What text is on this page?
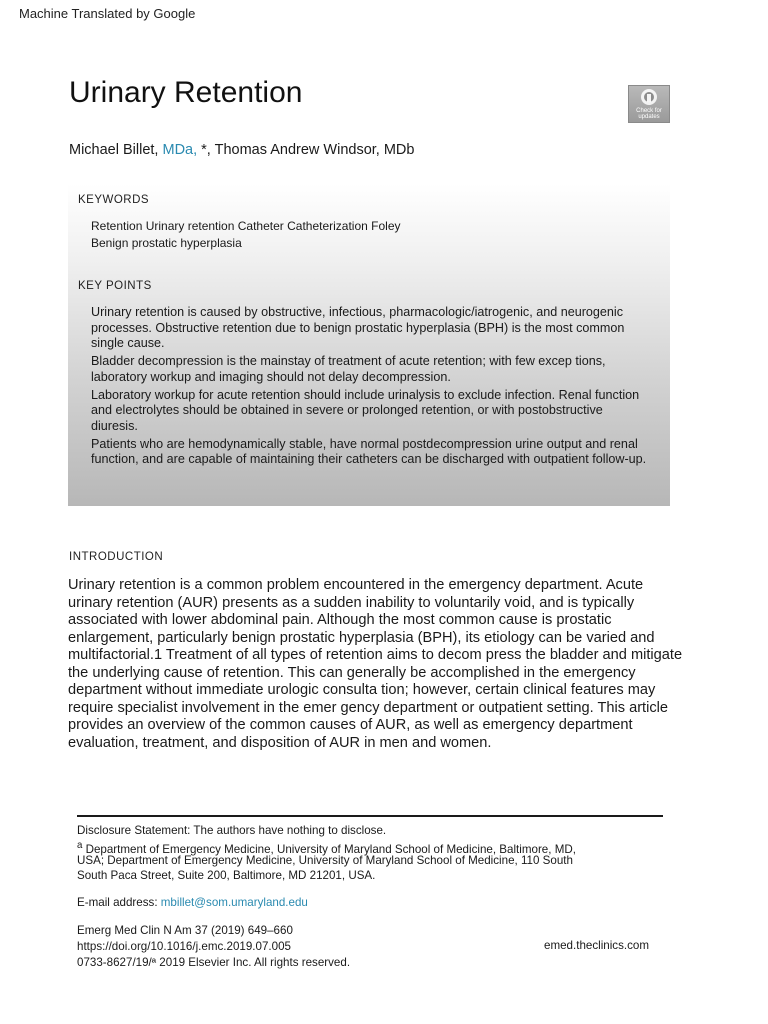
Machine Translated by Google
Urinary Retention
Check for
updates
Michael Billet, MDa, *, Thomas Andrew Windsor, MDb
KEYWORDS
Retention Urinary retention Catheter Catheterization Foley
Benign prostatic hyperplasia
KEY POINTS
Urinary retention is caused by obstructive, infectious, pharmacologic/iatrogenic, and neurogenic processes. Obstructive retention due to benign prostatic hyperplasia (BPH) is the most common single cause.
Bladder decompression is the mainstay of treatment of acute retention; with few excep tions, laboratory workup and imaging should not delay decompression.
Laboratory workup for acute retention should include urinalysis to exclude infection. Renal function and electrolytes should be obtained in severe or prolonged retention, or with postobstructive diuresis.
Patients who are hemodynamically stable, have normal postdecompression urine output and renal function, and are capable of maintaining their catheters can be discharged with outpatient follow-up.
INTRODUCTION

Urinary retention is a common problem encountered in the emergency department. Acute urinary retention (AUR) presents as a sudden inability to voluntarily void, and is typically associated with lower abdominal pain. Although the most common cause is prostatic enlargement, particularly benign prostatic hyperplasia (BPH), its etiology can be varied and multifactorial.1 Treatment of all types of retention aims to decom press the bladder and mitigate the underlying cause of retention. This can generally be accomplished in the emergency department without immediate urologic consulta tion; however, certain clinical features may require specialist involvement in the emer gency department or outpatient setting. This article provides an overview of the common causes of AUR, as well as emergency department evaluation, treatment, and disposition of AUR in men and women.

Disclosure Statement: The authors have nothing to disclose.
$^a$ Department of Emergency Medicine, University of Maryland School of Medicine, Baltimore, MD,
USA; Department of Emergency Medicine, University of Maryland School of Medicine, 110 South
South Paca Street, Suite 200, Baltimore, MD 21201, USA.
E-mail address: mbillet@som.umaryland.edu
Emerg Med Clin N Am 37 (2019) 649–660
https://doi.org/10.1016/j.emc.2019.07.005	emed.theclinics.com
0733-8627/19/ª 2019 Elsevier Inc. All rights reserved.
